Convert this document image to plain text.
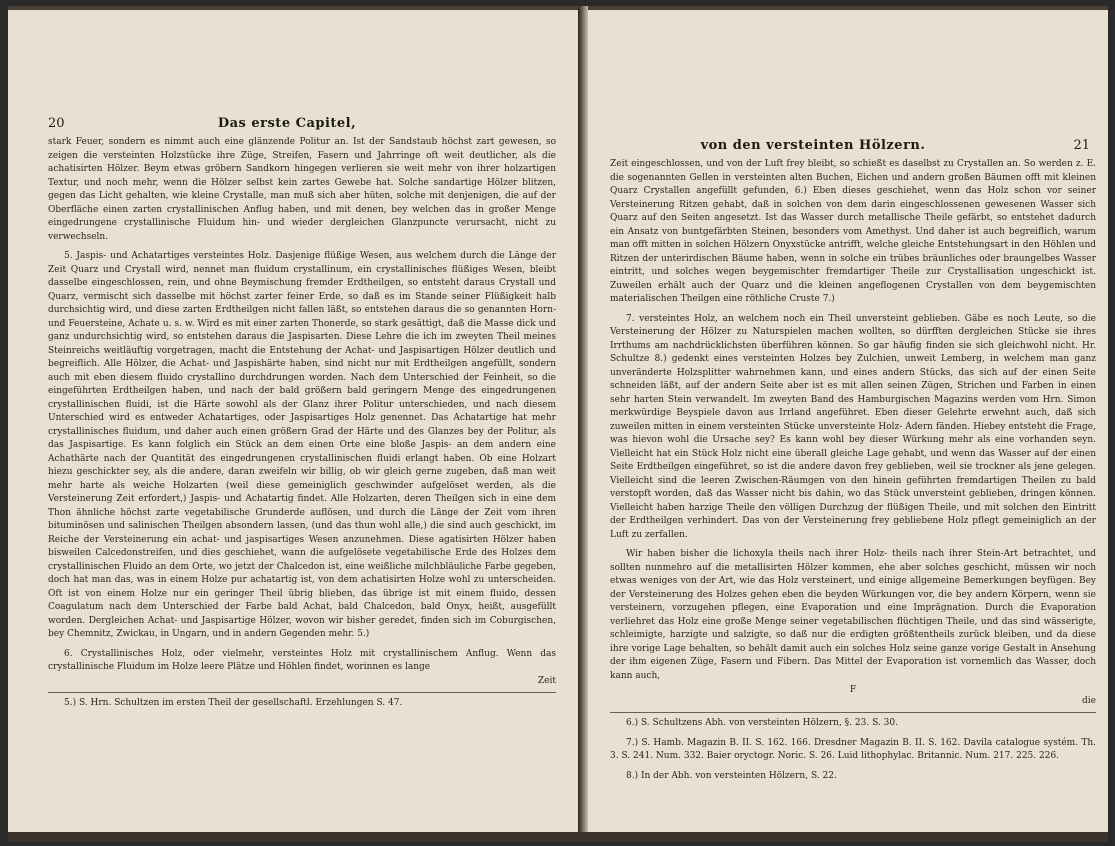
20	Das erste Capitel,

stark Feuer, sondern es nimmt auch eine glänzende Politur an. Ist der Sandstaub höchst zart gewesen, so zeigen die versteinten Holzstücke ihre Züge, Streifen, Fasern und Jahrringe oft weit deutlicher, als die achatisirten Hölzer. Beym etwas gröbern Sandkorn hingegen verlieren sie weit mehr von ihrer holzartigen Textur, und noch mehr, wenn die Hölzer selbst kein zartes Gewebe hat. Solche sandartige Hölzer blitzen, gegen das Licht gehalten, wie kleine Crystalle, man muß sich aber hüten, solche mit denjenigen, die auf der Oberfläche einen zarten crystallinischen Anflug haben, und mit denen, bey welchen das in großer Menge eingedrungene crystallinische Fluidum hin- und wieder dergleichen Glanzpuncte verursacht, nicht zu verwechseln.

5. Jaspis- und Achatartiges versteintes Holz. Dasjenige flüßige Wesen, aus welchem durch die Länge der Zeit Quarz und Crystall wird, nennet man fluidum crystallinum, ein crystallinisches flüßiges Wesen, bleibt dasselbe eingeschlossen, rein, und ohne Beymischung fremder Erdtheilgen, so entsteht daraus Crystall und Quarz, vermischt sich dasselbe mit höchst zarter feiner Erde, so daß es im Stande seiner Flüßigkeit halb durchsichtig wird, und diese zarten Erdtheilgen nicht fallen läßt, so entstehen daraus die so genannten Horn- und Feuersteine, Achate u. s. w. Wird es mit einer zarten Thonerde, so stark gesättigt, daß die Masse dick und ganz undurchsichtig wird, so entstehen daraus die Jaspisarten. Diese Lehre die ich im zweyten Theil meines Steinreichs weitläuftig vorgetragen, macht die Entstehung der Achat- und Jaspisartigen Hölzer deutlich und begreiflich. Alle Hölzer, die Achat- und Jaspishärte haben, sind nicht nur mit Erdtheilgen angefüllt, sondern auch mit eben diesem fluido crystallino durchdrungen worden. Nach dem Unterschied der Feinheit, so die eingeführten Erdtheilgen haben, und nach der bald größern bald geringern Menge des eingedrungenen crystallinischen fluidi, ist die Härte sowohl als der Glanz ihrer Politur unterschieden, und nach diesem Unterschied wird es entweder Achatartiges, oder Jaspisartiges Holz genennet. Das Achatartige hat mehr crystallinisches fluidum, und daher auch einen größern Grad der Härte und des Glanzes bey der Politur, als das Jaspisartige. Es kann folglich ein Stück an dem einen Orte eine bloße Jaspis- an dem andern eine Achathärte nach der Quantität des eingedrungenen crystallinischen fluidi erlangt haben. Ob eine Holzart hiezu geschickter sey, als die andere, daran zweifeln wir billig, ob wir gleich gerne zugeben, daß man weit mehr harte als weiche Holzarten (weil diese gemeiniglich geschwinder aufgelöset werden, als die Versteinerung Zeit erfordert,) Jaspis- und Achatartig findet. Alle Holzarten, deren Theilgen sich in eine dem Thon ähnliche höchst zarte vegetabilische Grunderde auflösen, und durch die Länge der Zeit vom ihren bituminösen und salinischen Theilgen absondern lassen, (und das thun wohl alle,) die sind auch geschickt, im Reiche der Versteinerung ein achat- und jaspisartiges Wesen anzunehmen. Diese agatisirten Hölzer haben bisweilen Calcedonstreifen, und dies geschiehet, wann die aufgelösete vegetabilische Erde des Holzes dem crystallinischen Fluido an dem Orte, wo jetzt der Chalcedon ist, eine weißliche milchbläuliche Farbe gegeben, doch hat man das, was in einem Holze pur achatartig ist, von dem achatisirten Holze wohl zu unterscheiden. Oft ist von einem Holze nur ein geringer Theil übrig blieben, das übrige ist mit einem fluido, dessen Coagulatum nach dem Unterschied der Farbe bald Achat, bald Chalcedon, bald Onyx, heißt, ausgefüllt worden. Dergleichen Achat- und Jaspisartige Hölzer, wovon wir bisher geredet, finden sich im Coburgischen, bey Chemnitz, Zwickau, in Ungarn, und in andern Gegenden mehr. 5.)

6. Crystallinisches Holz, oder vielmehr, versteintes Holz mit crystallinischem Anflug. Wenn das crystallinische Fluidum im Holze leere Plätze und Höhlen findet, worinnen es lange

Zeit

5.) S. Hrn. Schultzen im ersten Theil der gesellschaftl. Erzehlungen S. 47.

von den versteinten Hölzern.	21

Zeit eingeschlossen, und von der Luft frey bleibt, so schießt es daselbst zu Crystallen an. So werden z. E. die sogenannten Gellen in versteinten alten Buchen, Eichen und andern großen Bäumen offt mit kleinen Quarz Crystallen angefüllt gefunden, 6.) Eben dieses geschiehet, wenn das Holz schon vor seiner Versteinerung Ritzen gehabt, daß in solchen von dem darin eingeschlossenen gewesenen Wasser sich Quarz auf den Seiten angesetzt. Ist das Wasser durch metallische Theile gefärbt, so entstehet dadurch ein Ansatz von buntgefärbten Steinen, besonders vom Amethyst. Und daher ist auch begreiflich, warum man offt mitten in solchen Hölzern Onyxstücke antrifft, welche gleiche Entstehungsart in den Höhlen und Ritzen der unterirdischen Bäume haben, wenn in solche ein trübes bräunliches oder braungelbes Wasser eintritt, und solches wegen beygemischter fremdartiger Theile zur Crystallisation ungeschickt ist. Zuweilen erhält auch der Quarz und die kleinen angeflogenen Crystallen von dem beygemischten materialischen Theilgen eine röthliche Cruste 7.)

7. versteintes Holz, an welchem noch ein Theil unversteint geblieben. Gäbe es noch Leute, so die Versteinerung der Hölzer zu Naturspielen machen wollten, so dürfften dergleichen Stücke sie ihres Irrthums am nachdrücklichsten überführen können. So gar häufig finden sie sich gleichwohl nicht. Hr. Schultze 8.) gedenkt eines versteinten Holzes bey Zulchien, unweit Lemberg, in welchem man ganz unveränderte Holzsplitter wahrnehmen kann, und eines andern Stücks, das sich auf der einen Seite schneiden läßt, auf der andern Seite aber ist es mit allen seinen Zügen, Strichen und Farben in einen sehr harten Stein verwandelt. Im zweyten Band des Hamburgischen Magazins werden vom Hrn. Simon merkwürdige Beyspiele davon aus Irrland angeführet. Eben dieser Gelehrte erwehnt auch, daß sich zuweilen mitten in einem versteinten Stücke unversteinte Holz- Adern fänden. Hiebey entsteht die Frage, was hievon wohl die Ursache sey? Es kann wohl bey dieser Würkung mehr als eine vorhanden seyn. Vielleicht hat ein Stück Holz nicht eine überall gleiche Lage gehabt, und wenn das Wasser auf der einen Seite Erdtheilgen eingeführet, so ist die andere davon frey geblieben, weil sie trockner als jene gelegen. Vielleicht sind die leeren Zwischen-Räumgen von den hinein geführten fremdartigen Theilen zu bald verstopft worden, daß das Wasser nicht bis dahin, wo das Stück unversteint geblieben, dringen können. Vielleicht haben harzige Theile den völligen Durchzug der flüßigen Theile, und mit solchen den Eintritt der Erdtheilgen verhindert. Das von der Versteinerung frey gebliebene Holz pflegt gemeiniglich an der Luft zu zerfallen.

Wir haben bisher die lichoxyla theils nach ihrer Holz- theils nach ihrer Stein-Art betrachtet, und sollten nunmehro auf die metallisirten Hölzer kommen, ehe aber solches geschicht, müssen wir noch etwas weniges von der Art, wie das Holz versteinert, und einige allgemeine Bemerkungen beyfügen. Bey der Versteinerung des Holzes gehen eben die beyden Würkungen vor, die bey andern Körpern, wenn sie versteinern, vorzugehen pflegen, eine Evaporation und eine Imprägnation. Durch die Evaporation verliehret das Holz eine große Menge seiner vegetabilischen flüchtigen Theile, und das sind wässerigte, schleimigte, harzigte und salzigte, so daß nur die erdigten größtentheils zurück bleiben, und da diese ihre vorige Lage behalten, so behält damit auch ein solches Holz seine ganze vorige Gestalt in Ansehung der ihm eigenen Züge, Fasern und Fibern. Das Mittel der Evaporation ist vornemlich das Wasser, doch kann auch,

F
die

6.) S. Schultzens Abh. von versteinten Hölzern, §. 23. S. 30.

7.) S. Hamb. Magazin B. II. S. 162. 166. Dresdner Magazin B. II. S. 162. Davila catalogue systém. Th. 3. S. 241. Num. 332. Baier oryctogr. Noric. S. 26. Luid lithophylac. Britannic. Num. 217. 225. 226.

8.) In der Abh. von versteinten Hölzern, S. 22.
